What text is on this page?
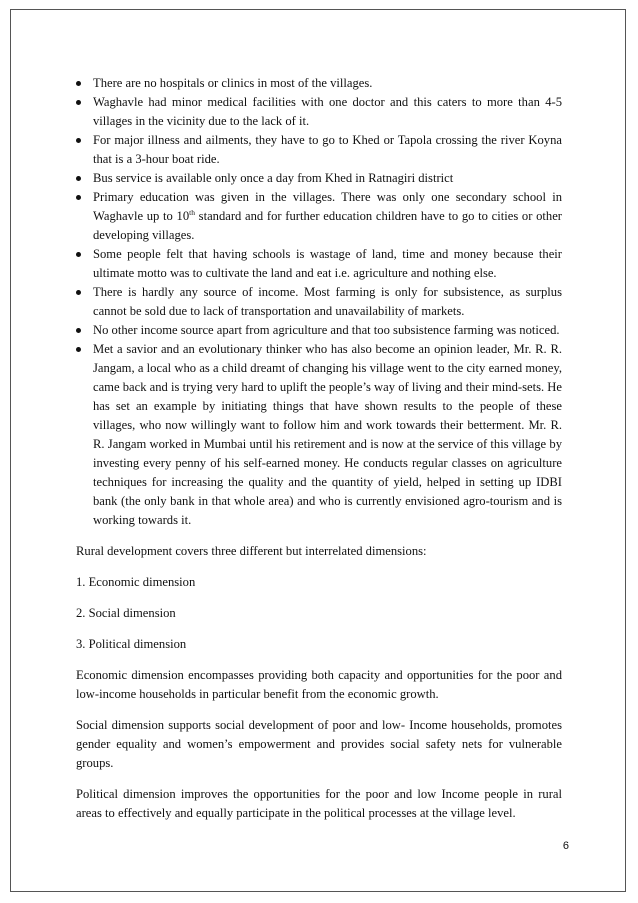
There are no hospitals or clinics in most of the villages.
Waghavle had minor medical facilities with one doctor and this caters to more than 4-5 villages in the vicinity due to the lack of it.
For major illness and ailments, they have to go to Khed or Tapola crossing the river Koyna that is a 3-hour boat ride.
Bus service is available only once a day from Khed in Ratnagiri district
Primary education was given in the villages. There was only one secondary school in Waghavle up to 10th standard and for further education children have to go to cities or other developing villages.
Some people felt that having schools is wastage of land, time and money because their ultimate motto was to cultivate the land and eat i.e. agriculture and nothing else.
There is hardly any source of income. Most farming is only for subsistence, as surplus cannot be sold due to lack of transportation and unavailability of markets.
No other income source apart from agriculture and that too subsistence farming was noticed.
Met a savior and an evolutionary thinker who has also become an opinion leader, Mr. R. R. Jangam, a local who as a child dreamt of changing his village went to the city earned money, came back and is trying very hard to uplift the people’s way of living and their mind-sets. He has set an example by initiating things that have shown results to the people of these villages, who now willingly want to follow him and work towards their betterment. Mr. R. R. Jangam worked in Mumbai until his retirement and is now at the service of this village by investing every penny of his self-earned money. He conducts regular classes on agriculture techniques for increasing the quality and the quantity of yield, helped in setting up IDBI bank (the only bank in that whole area) and who is currently envisioned agro-tourism and is working towards it.

Rural development covers three different but interrelated dimensions:

1. Economic dimension

2. Social dimension

3. Political dimension

Economic dimension encompasses providing both capacity and opportunities for the poor and low-income households in particular benefit from the economic growth.

Social dimension supports social development of poor and low- Income households, promotes gender equality and women’s empowerment and provides social safety nets for vulnerable groups.

Political dimension improves the opportunities for the poor and low Income people in rural areas to effectively and equally participate in the political processes at the village level.

6
